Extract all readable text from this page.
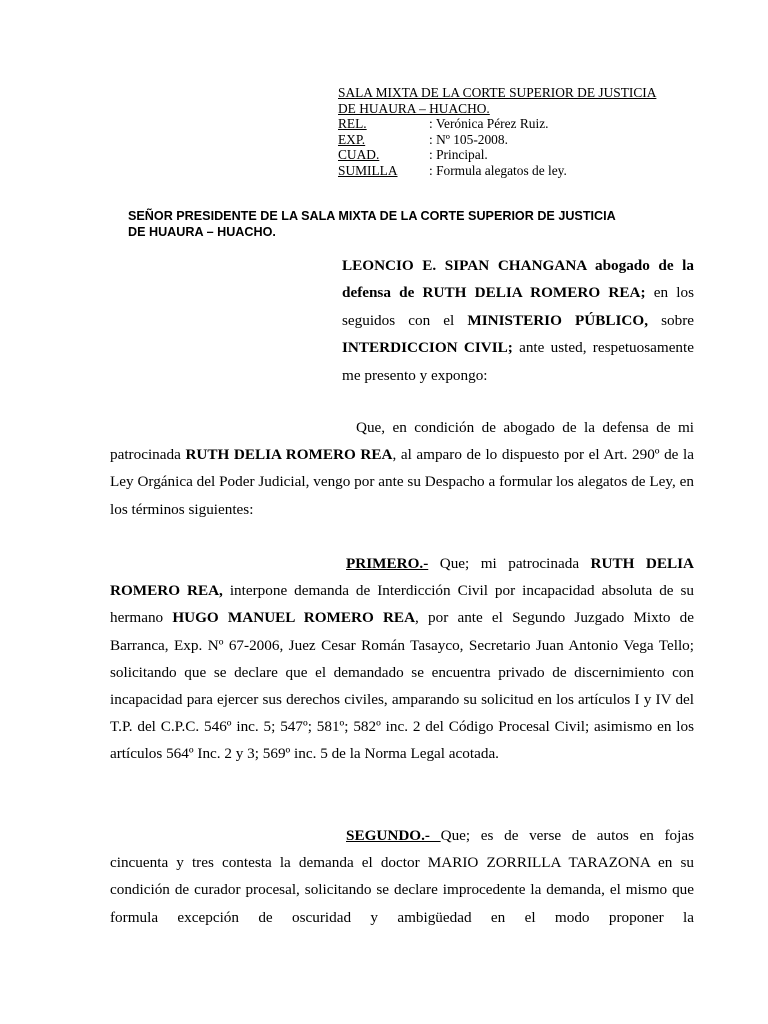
SALA MIXTA DE LA CORTE SUPERIOR DE JUSTICIA
DE HUAURA – HUACHO.
REL.	: Verónica Pérez Ruiz.
EXP.	: Nº 105-2008.
CUAD.	: Principal.
SUMILLA	: Formula alegatos de ley.
SEÑOR PRESIDENTE DE LA SALA MIXTA DE LA CORTE SUPERIOR DE JUSTICIA
DE HUAURA – HUACHO.
LEONCIO E. SIPAN CHANGANA abogado de la defensa de RUTH DELIA ROMERO REA; en los seguidos con el MINISTERIO PÚBLICO, sobre INTERDICCION CIVIL; ante usted, respetuosamente me presento y expongo:
Que, en condición de abogado de la defensa de mi patrocinada RUTH DELIA ROMERO REA, al amparo de lo dispuesto por el Art. 290º de la Ley Orgánica del Poder Judicial, vengo por ante su Despacho a formular los alegatos de Ley, en los términos siguientes:
PRIMERO.- Que; mi patrocinada RUTH DELIA ROMERO REA, interpone demanda de Interdicción Civil por incapacidad absoluta de su hermano HUGO MANUEL ROMERO REA, por ante el Segundo Juzgado Mixto de Barranca, Exp. Nº 67-2006, Juez Cesar Román Tasayco, Secretario Juan Antonio Vega Tello; solicitando que se declare que el demandado se encuentra privado de discernimiento con incapacidad para ejercer sus derechos civiles, amparando su solicitud en los artículos I y IV del T.P. del C.P.C. 546º inc. 5; 547º; 581º; 582º inc. 2 del Código Procesal Civil; asimismo en los artículos 564º Inc. 2 y 3; 569º inc. 5 de la Norma Legal acotada.
SEGUNDO.- Que; es de verse de autos en fojas cincuenta y tres contesta la demanda el doctor MARIO ZORRILLA TARAZONA en su condición de curador procesal, solicitando se declare improcedente la demanda, el mismo que formula excepción de oscuridad y ambigüedad en el modo proponer la
